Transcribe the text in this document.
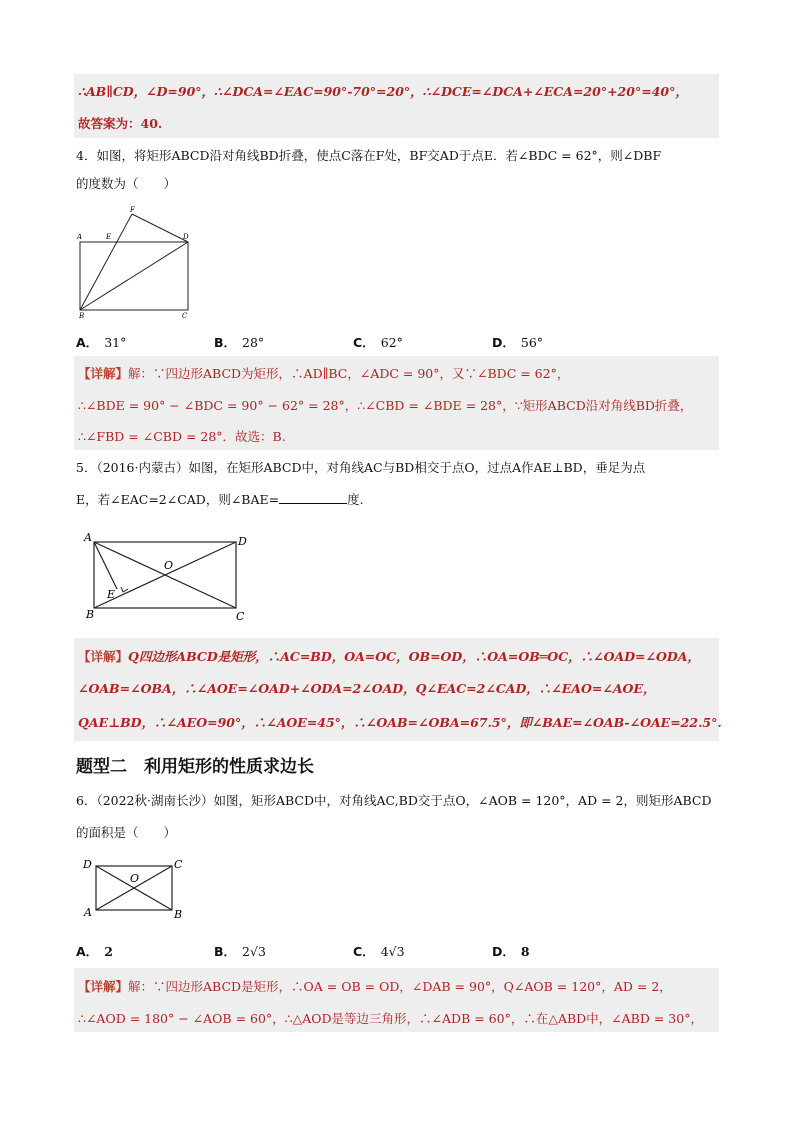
∴AB∥CD，∠D=90°，∴∠DCA=∠EAC=90°-70°=20°，∴∠DCE=∠DCA+∠ECA=20°+20°=40°，
故答案为：40.
4．如图，将矩形ABCD沿对角线BD折叠，使点C落在F处，BF交AD于点E．若∠BDC = 62°，则∠DBF
的度数为（　　）
A	E
F
D
B	C
A． 31°	B． 28°	C． 62°	D． 56°
【详解】解：∵四边形ABCD为矩形，∴AD∥BC，∠ADC = 90°，又∵∠BDC = 62°，
∴∠BDE = 90° − ∠BDC = 90° − 62° = 28°，∴∠CBD = ∠BDE = 28°，∵矩形ABCD沿对角线BD折叠，
∴∠FBD = ∠CBD = 28°．故选：B.
5．（2016·内蒙古）如图，在矩形ABCD中，对角线AC与BD相交于点O，过点A作AE⊥BD，垂足为点
E，若∠EAC=2∠CAD，则∠BAE=	度.
A	D
O
E
B	C
【详解】Q四边形ABCD是矩形，∴AC=BD，OA=OC，OB=OD，∴OA=OB═OC，∴∠OAD=∠ODA，
∠OAB=∠OBA，∴∠AOE=∠OAD+∠ODA=2∠OAD，Q∠EAC=2∠CAD，∴∠EAO=∠AOE，
QAE⊥BD，∴∠AEO=90°，∴∠AOE=45°，∴∠OAB=∠OBA=67.5°，即∠BAE=∠OAB-∠OAE=22.5°.
题型二　利用矩形的性质求边长
6．（2022秋·湖南长沙）如图，矩形ABCD中，对角线AC,BD交于点O，∠AOB = 120°，AD = 2，则矩形ABCD
的面积是（　　）
D	C
O
A	B
A． 2	B． 2√3	C． 4√3	D． 8
【详解】解：∵四边形ABCD是矩形，∴OA = OB = OD，∠DAB = 90°，Q∠AOB = 120°，AD = 2，
∴∠AOD = 180° − ∠AOB = 60°，∴△AOD是等边三角形，∴∠ADB = 60°，∴在△ABD中，∠ABD = 30°，
